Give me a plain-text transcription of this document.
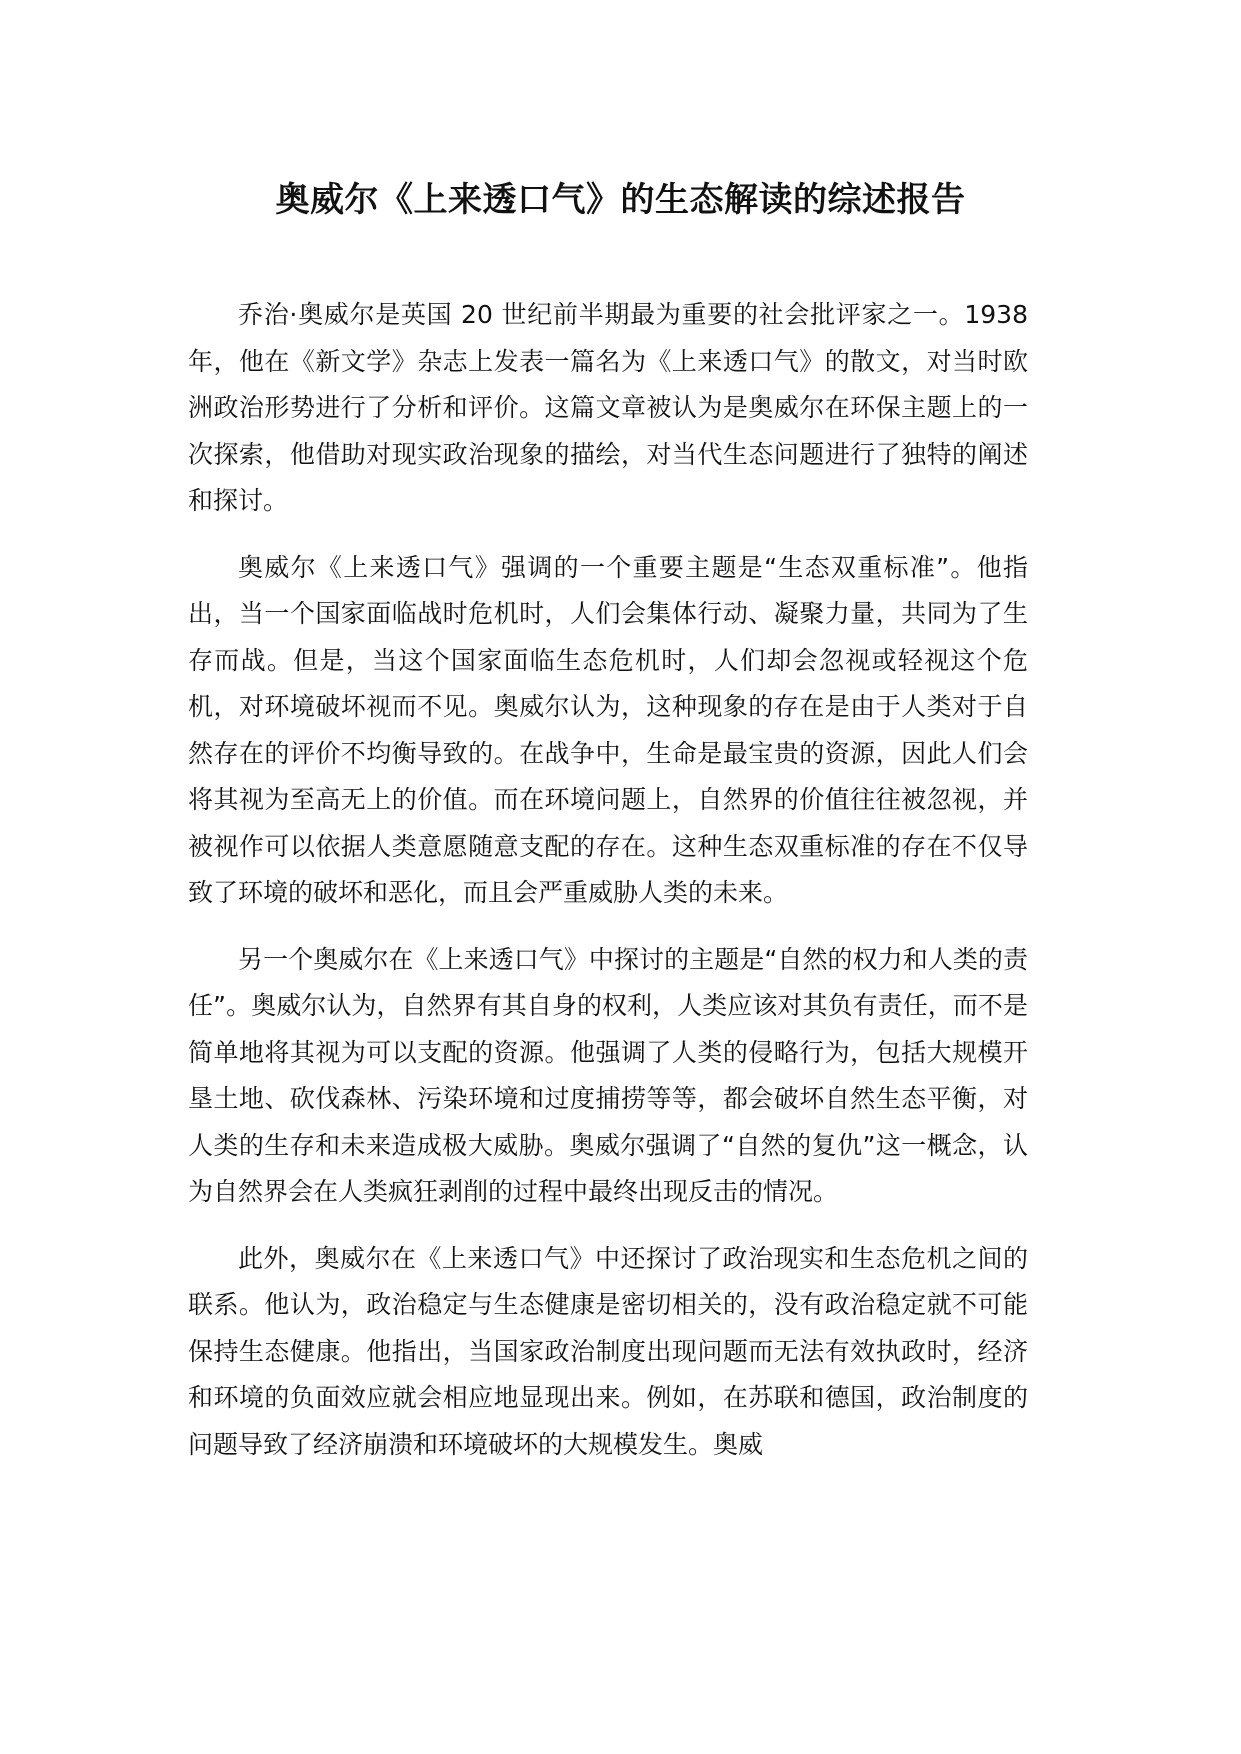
奥威尔《上来透口气》的生态解读的综述报告

乔治·奥威尔是英国 20 世纪前半期最为重要的社会批评家之一。1938 年，他在《新文学》杂志上发表一篇名为《上来透口气》的散文，对当时欧洲政治形势进行了分析和评价。这篇文章被认为是奥威尔在环保主题上的一次探索，他借助对现实政治现象的描绘，对当代生态问题进行了独特的阐述和探讨。

奥威尔《上来透口气》强调的一个重要主题是“生态双重标准”。他指出，当一个国家面临战时危机时，人们会集体行动、凝聚力量，共同为了生存而战。但是，当这个国家面临生态危机时，人们却会忽视或轻视这个危机，对环境破坏视而不见。奥威尔认为，这种现象的存在是由于人类对于自然存在的评价不均衡导致的。在战争中，生命是最宝贵的资源，因此人们会将其视为至高无上的价值。而在环境问题上，自然界的价值往往被忽视，并被视作可以依据人类意愿随意支配的存在。这种生态双重标准的存在不仅导致了环境的破坏和恶化，而且会严重威胁人类的未来。

另一个奥威尔在《上来透口气》中探讨的主题是“自然的权力和人类的责任”。奥威尔认为，自然界有其自身的权利，人类应该对其负有责任，而不是简单地将其视为可以支配的资源。他强调了人类的侵略行为，包括大规模开垦土地、砍伐森林、污染环境和过度捕捞等等，都会破坏自然生态平衡，对人类的生存和未来造成极大威胁。奥威尔强调了“自然的复仇”这一概念，认为自然界会在人类疯狂剥削的过程中最终出现反击的情况。

此外，奥威尔在《上来透口气》中还探讨了政治现实和生态危机之间的联系。他认为，政治稳定与生态健康是密切相关的，没有政治稳定就不可能保持生态健康。他指出，当国家政治制度出现问题而无法有效执政时，经济和环境的负面效应就会相应地显现出来。例如，在苏联和德国，政治制度的问题导致了经济崩溃和环境破坏的大规模发生。奥威
